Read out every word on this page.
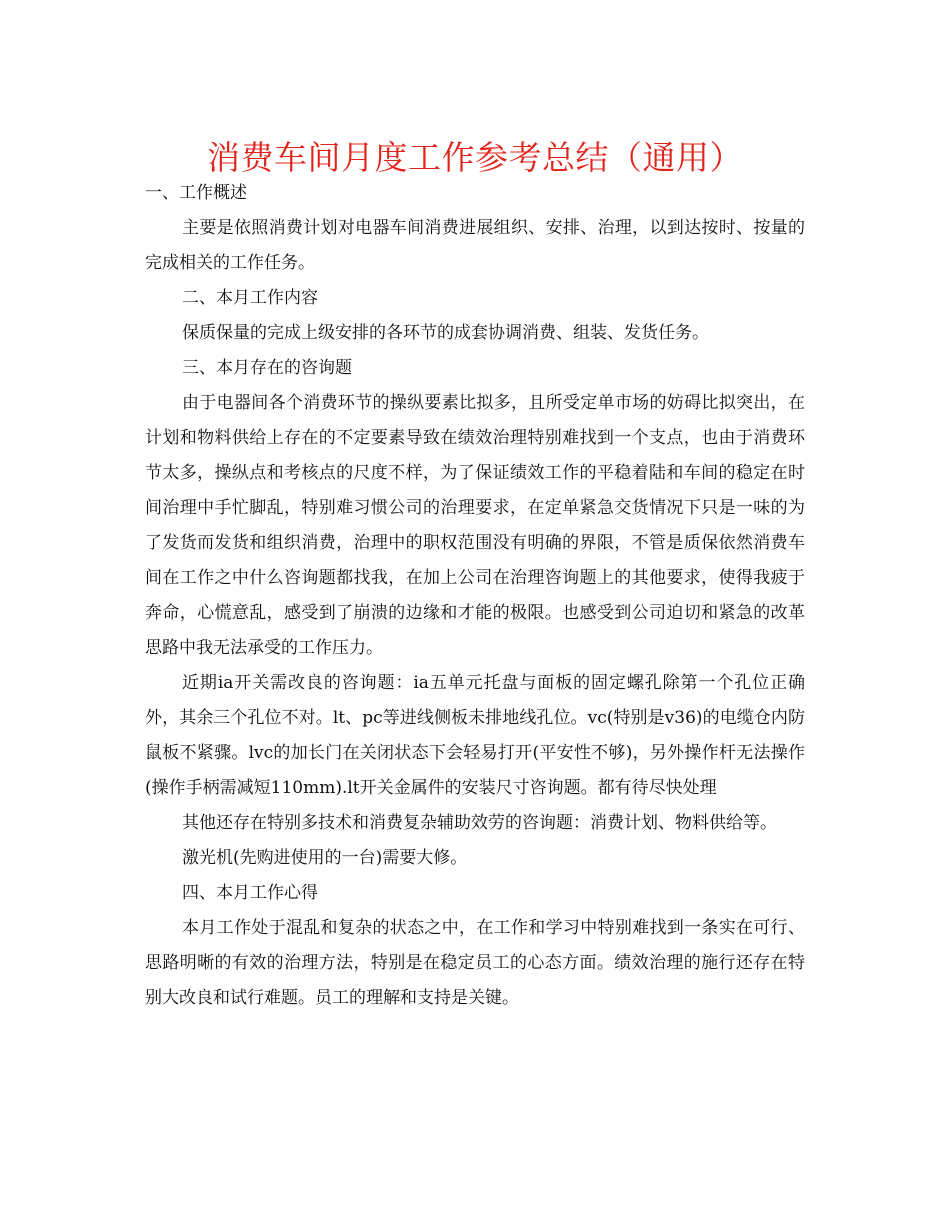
消费车间月度工作参考总结（通用）

一、工作概述

主要是依照消费计划对电器车间消费进展组织、安排、治理，以到达按时、按量的完成相关的工作任务。

二、本月工作内容

保质保量的完成上级安排的各环节的成套协调消费、组装、发货任务。

三、本月存在的咨询题

由于电器间各个消费环节的操纵要素比拟多，且所受定单市场的妨碍比拟突出，在计划和物料供给上存在的不定要素导致在绩效治理特别难找到一个支点，也由于消费环节太多，操纵点和考核点的尺度不样，为了保证绩效工作的平稳着陆和车间的稳定在时间治理中手忙脚乱，特别难习惯公司的治理要求，在定单紧急交货情况下只是一味的为了发货而发货和组织消费，治理中的职权范围没有明确的界限，不管是质保依然消费车间在工作之中什么咨询题都找我，在加上公司在治理咨询题上的其他要求，使得我疲于奔命，心慌意乱，感受到了崩溃的边缘和才能的极限。也感受到公司迫切和紧急的改革思路中我无法承受的工作压力。

近期ia开关需改良的咨询题：ia五单元托盘与面板的固定螺孔除第一个孔位正确外，其余三个孔位不对。lt、pc等进线侧板未排地线孔位。vc(特别是v36)的电缆仓内防鼠板不紧骤。lvc的加长门在关闭状态下会轻易打开(平安性不够)，另外操作杆无法操作(操作手柄需减短110mm).lt开关金属件的安装尺寸咨询题。都有待尽快处理

其他还存在特别多技术和消费复杂辅助效劳的咨询题：消费计划、物料供给等。

激光机(先购进使用的一台)需要大修。

四、本月工作心得

本月工作处于混乱和复杂的状态之中，在工作和学习中特别难找到一条实在可行、思路明晰的有效的治理方法，特别是在稳定员工的心态方面。绩效治理的施行还存在特别大改良和试行难题。员工的理解和支持是关键。
